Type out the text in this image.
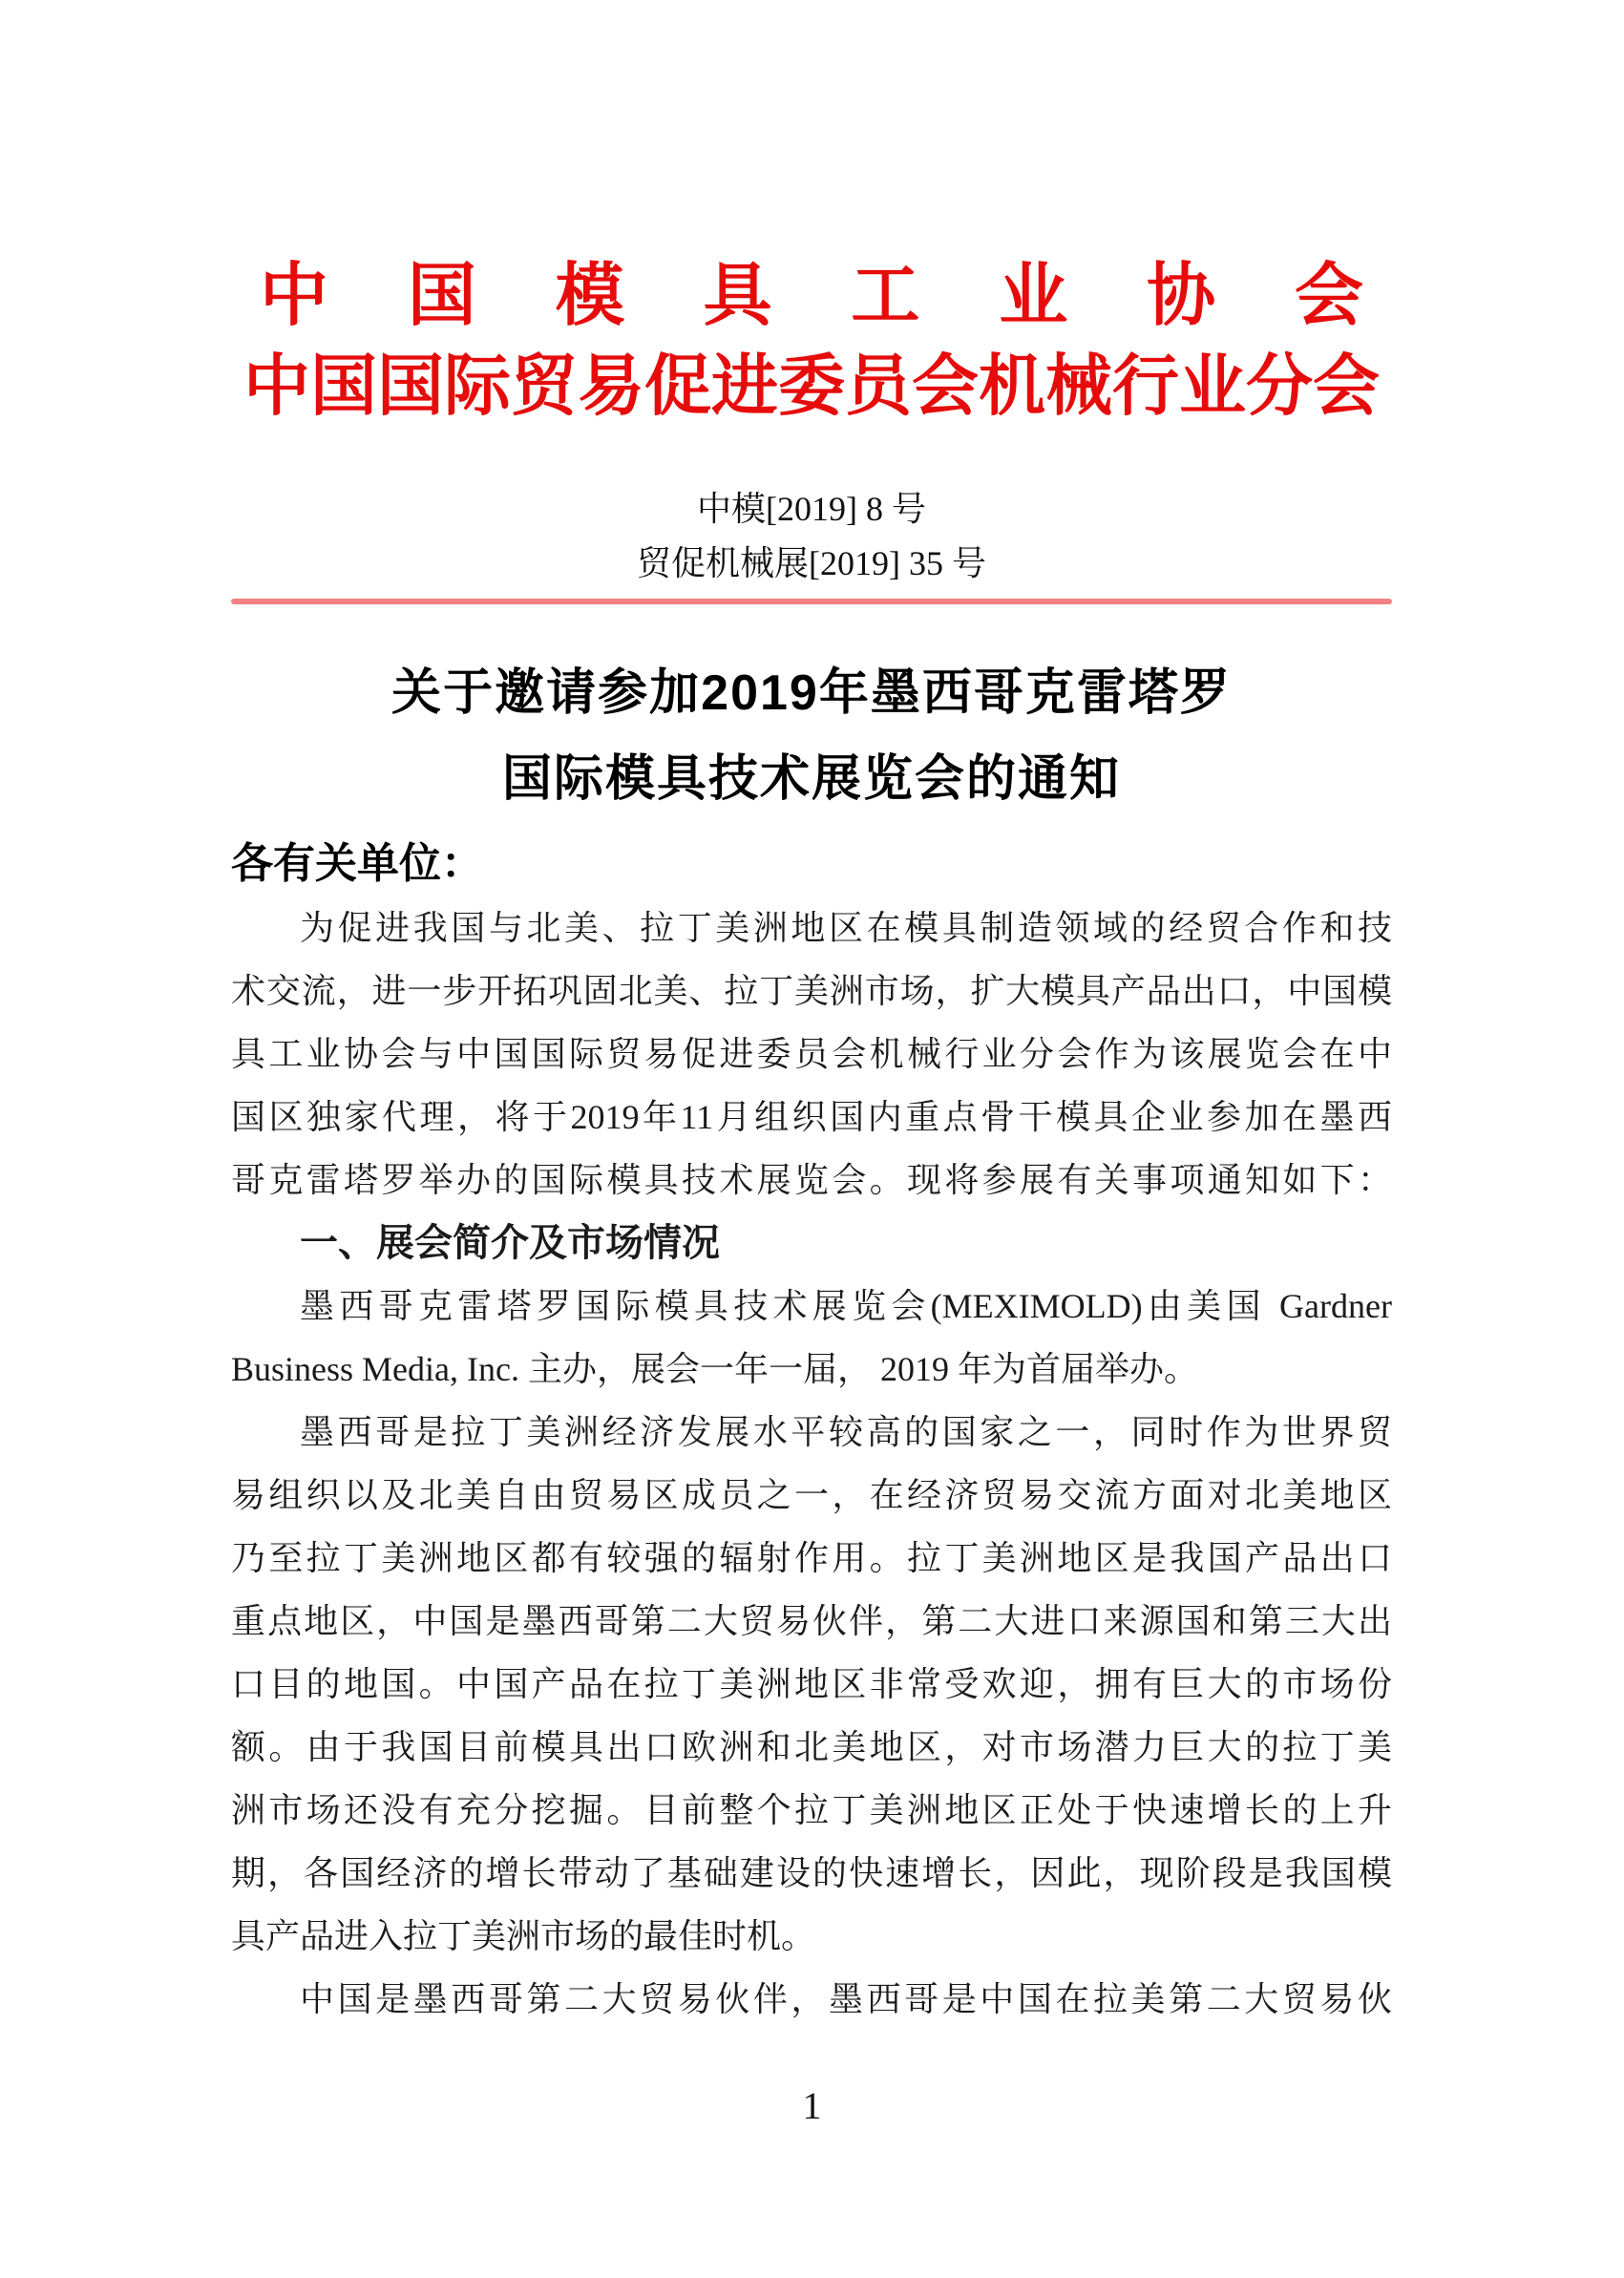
中国模具工业协会
中国国际贸易促进委员会机械行业分会
中模[2019] 8 号
贸促机械展[2019] 35 号
关于邀请参加2019年墨西哥克雷塔罗
国际模具技术展览会的通知
各有关单位：
为促进我国与北美、拉丁美洲地区在模具制造领域的经贸合作和技
术交流，进一步开拓巩固北美、拉丁美洲市场，扩大模具产品出口，中国模
具工业协会与中国国际贸易促进委员会机械行业分会作为该展览会在中
国区独家代理，将于2019年11月组织国内重点骨干模具企业参加在墨西
哥克雷塔罗举办的国际模具技术展览会。现将参展有关事项通知如下：
一、展会简介及市场情况
墨西哥克雷塔罗国际模具技术展览会(MEXIMOLD)由美国 Gardner
Business Media, Inc. 主办，展会一年一届， 2019 年为首届举办。
墨西哥是拉丁美洲经济发展水平较高的国家之一，同时作为世界贸
易组织以及北美自由贸易区成员之一，在经济贸易交流方面对北美地区
乃至拉丁美洲地区都有较强的辐射作用。拉丁美洲地区是我国产品出口
重点地区，中国是墨西哥第二大贸易伙伴，第二大进口来源国和第三大出
口目的地国。中国产品在拉丁美洲地区非常受欢迎，拥有巨大的市场份
额。由于我国目前模具出口欧洲和北美地区，对市场潜力巨大的拉丁美
洲市场还没有充分挖掘。目前整个拉丁美洲地区正处于快速增长的上升
期，各国经济的增长带动了基础建设的快速增长，因此，现阶段是我国模
具产品进入拉丁美洲市场的最佳时机。
中国是墨西哥第二大贸易伙伴，墨西哥是中国在拉美第二大贸易伙
1
